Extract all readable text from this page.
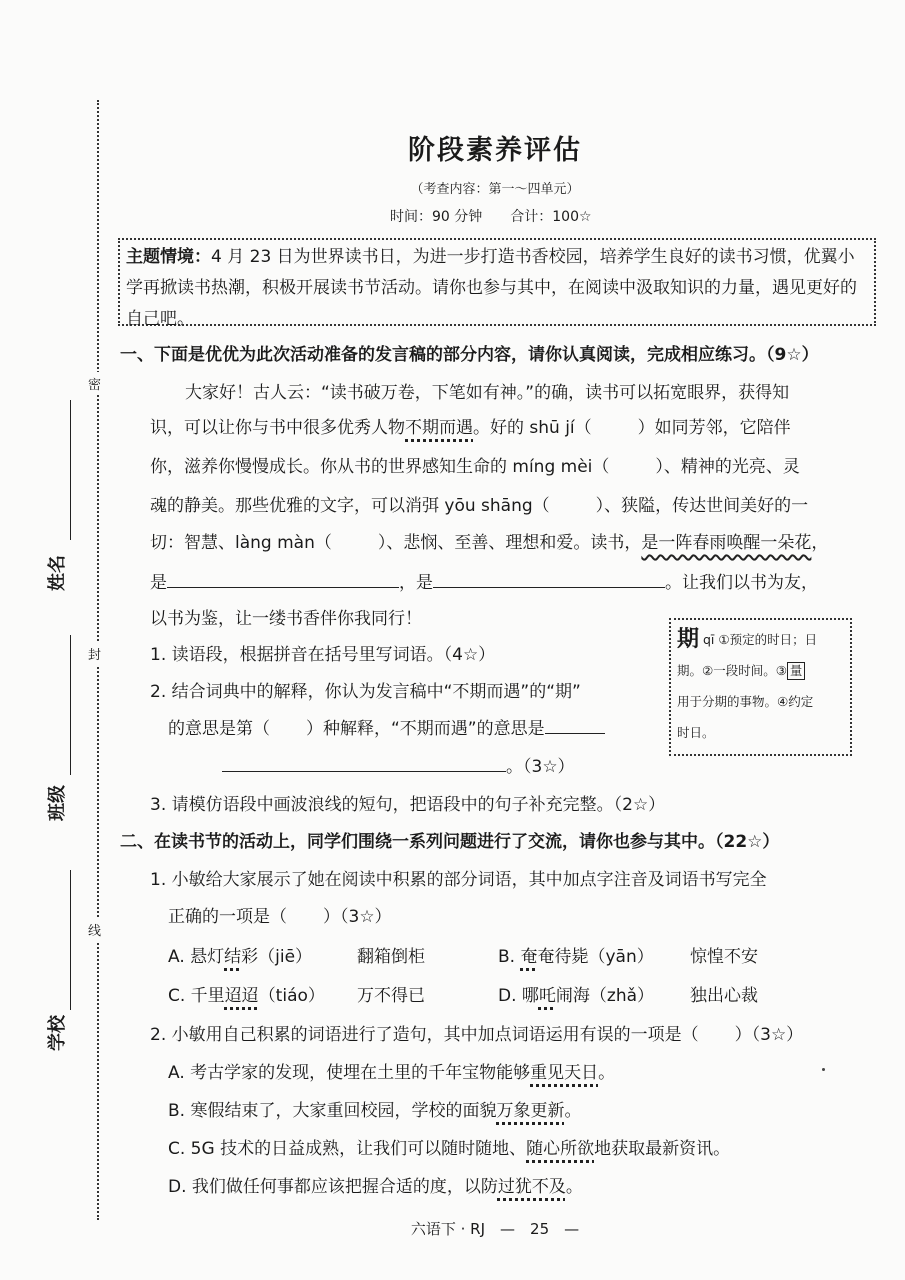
密
封
线
姓名
班级
学校
阶段素养评估
（考查内容：第一～四单元）
时间：90 分钟 合计：100☆
主题情境：4 月 23 日为世界读书日，为进一步打造书香校园，培养学生良好的读书习惯，优翼小学再掀读书热潮，积极开展读书节活动。请你也参与其中，在阅读中汲取知识的力量，遇见更好的自己吧。
一、下面是优优为此次活动准备的发言稿的部分内容，请你认真阅读，完成相应练习。（9☆）
大家好！古人云：“读书破万卷，下笔如有神。”的确，读书可以拓宽眼界，获得知
识，可以让你与书中很多优秀人物不期而遇。好的 shū jí（	）如同芳邻，它陪伴
你，滋养你慢慢成长。你从书的世界感知生命的 míng mèi（	）、精神的光亮、灵
魂的静美。那些优雅的文字，可以消弭 yōu shāng（	）、狭隘，传达世间美好的一
切：智慧、làng màn（	）、悲悯、至善、理想和爱。读书，是一阵春雨唤醒一朵花，
是	，是	。让我们以书为友，
以书为鉴，让一缕书香伴你我同行！
1. 读语段，根据拼音在括号里写词语。（4☆）
2. 结合词典中的解释，你认为发言稿中“不期而遇”的“期”
的意思是第（ ）种解释，“不期而遇”的意思是
。（3☆）
期 qī ①预定的时日；日
期。②一段时间。③ 量
用于分期的事物。④约定
时日。
3. 请模仿语段中画波浪线的短句，把语段中的句子补充完整。（2☆）
二、在读书节的活动上，同学们围绕一系列问题进行了交流，请你也参与其中。（22☆）
1. 小敏给大家展示了她在阅读中积累的部分词语，其中加点字注音及词语书写完全
正确的一项是（ ）（3☆）
A. 悬灯结彩（jiē）	翻箱倒柜	B. 奄奄待毙（yān） 惊惶不安
C. 千里迢迢（tiáo） 万不得已	D. 哪吒闹海（zhǎ） 独出心裁
2. 小敏用自己积累的词语进行了造句，其中加点词语运用有误的一项是（ ）（3☆）
A. 考古学家的发现，使埋在土里的千年宝物能够重见天日。
B. 寒假结束了，大家重回校园，学校的面貌万象更新。
C. 5G 技术的日益成熟，让我们可以随时随地、随心所欲地获取最新资讯。
D. 我们做任何事都应该把握合适的度，以防过犹不及。
六语下 · RJ　—　25　—
